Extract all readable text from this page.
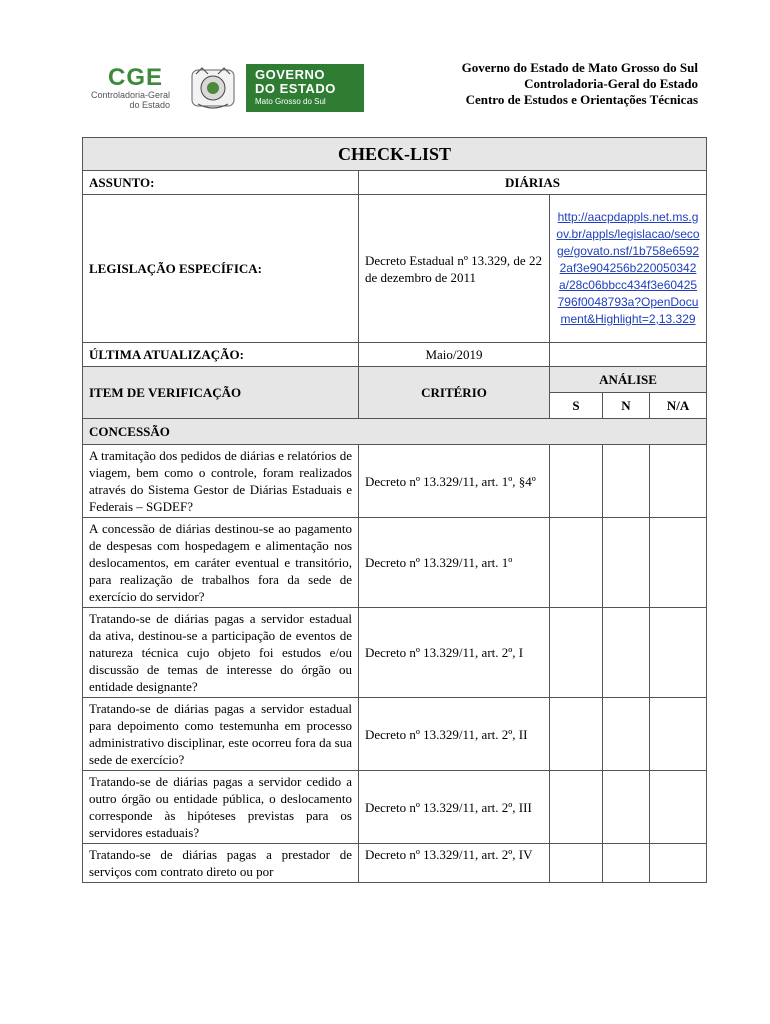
CGE
Controladoria-Geral
do Estado
GOVERNO
DO ESTADO
Mato Grosso do Sul
Governo do Estado de Mato Grosso do Sul
Controladoria-Geral do Estado
Centro de Estudos e Orientações Técnicas
CHECK-LIST				
ASSUNTO:	DIÁRIAS			
LEGISLAÇÃO ESPECÍFICA:	Decreto Estadual nº 13.329, de 22 de dezembro de 2011	http://aacpdappls.net.ms.gov.br/appls/legislacao/secoge/govato.nsf/1b758e65922af3e904256b220050342a/28c06bbcc434f3e60425796f0048793a?OpenDocument&Highlight=2,13.329		
ÚLTIMA ATUALIZAÇÃO:	Maio/2019			
ITEM DE VERIFICAÇÃO	CRITÉRIO	ANÁLISE		
		S	N	N/A
CONCESSÃO				
A tramitação dos pedidos de diárias e relatórios de viagem, bem como o controle, foram realizados através do Sistema Gestor de Diárias Estaduais e Federais – SGDEF?	Decreto nº 13.329/11, art. 1º, §4º			
A concessão de diárias destinou-se ao pagamento de despesas com hospedagem e alimentação nos deslocamentos, em caráter eventual e transitório, para realização de trabalhos fora da sede de exercício do servidor?	Decreto nº 13.329/11, art. 1º			
Tratando-se de diárias pagas a servidor estadual da ativa, destinou-se a participação de eventos de natureza técnica cujo objeto foi estudos e/ou discussão de temas de interesse do órgão ou entidade designante?	Decreto nº 13.329/11, art. 2º, I			
Tratando-se de diárias pagas a servidor estadual para depoimento como testemunha em processo administrativo disciplinar, este ocorreu fora da sua sede de exercício?	Decreto nº 13.329/11, art. 2º, II			
Tratando-se de diárias pagas a servidor cedido a outro órgão ou entidade pública, o deslocamento corresponde às hipóteses previstas para os servidores estaduais?	Decreto nº 13.329/11, art. 2º, III			
Tratando-se de diárias pagas a prestador de serviços com contrato direto ou por	Decreto nº 13.329/11, art. 2º, IV			
